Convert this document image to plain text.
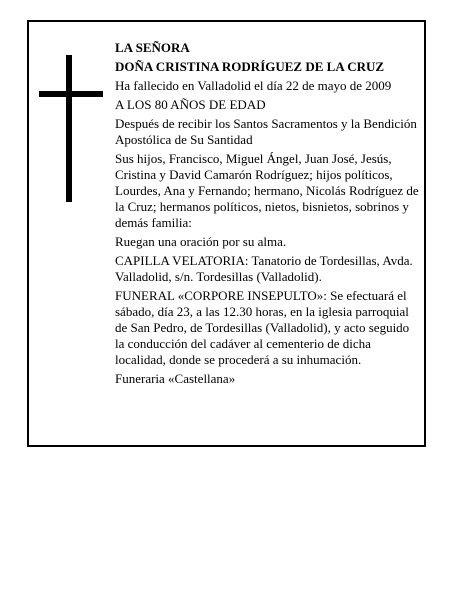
LA SEÑORA

DOÑA CRISTINA RODRÍGUEZ DE LA CRUZ

Ha fallecido en Valladolid el día 22 de mayo de 2009

A LOS 80 AÑOS DE EDAD

Después de recibir los Santos Sacramentos y la Bendición Apostólica de Su Santidad

Sus hijos, Francisco, Miguel Ángel, Juan José, Jesús, Cristina y David Camarón Rodríguez; hijos políticos, Lourdes, Ana y Fernando; hermano, Nicolás Rodríguez de la Cruz; hermanos políticos, nietos, bisnietos, sobrinos y demás familia:

Ruegan una oración por su alma.

CAPILLA VELATORIA: Tanatorio de Tordesillas, Avda. Valladolid, s/n. Tordesillas (Valladolid).

FUNERAL «CORPORE INSEPULTO»: Se efectuará el sábado, día 23, a las 12.30 horas, en la iglesia parroquial de San Pedro, de Tordesillas (Valladolid), y acto seguido la conducción del cadáver al cementerio de dicha localidad, donde se procederá a su inhumación.

Funeraria «Castellana»
